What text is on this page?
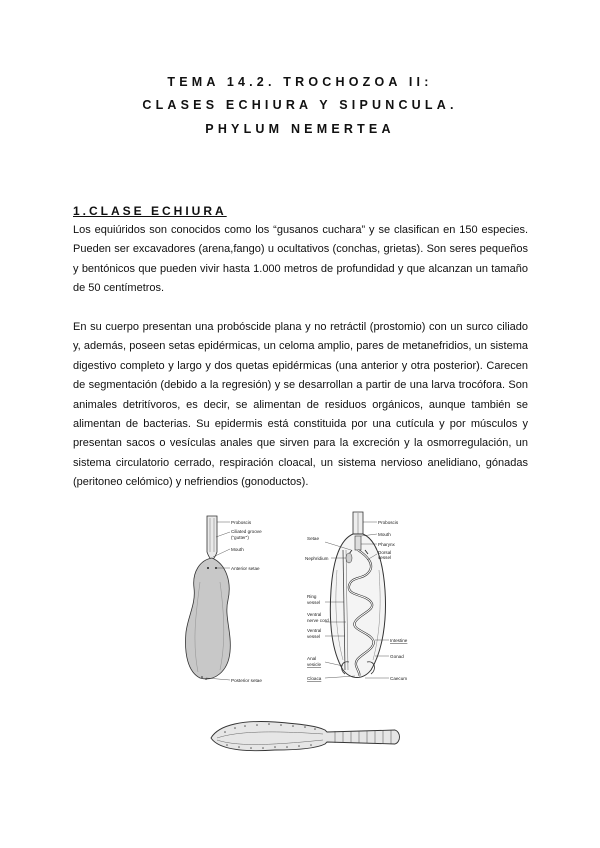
TEMA 14.2. TROCHOZOA II:
CLASES ECHIURA Y SIPUNCULA.
PHYLUM NEMERTEA
1.CLASE ECHIURA
Los equiúridos son conocidos como los “gusanos cuchara” y se clasifican en 150 especies. Pueden ser excavadores (arena,fango) u ocultativos (conchas, grietas). Son seres pequeños y bentónicos que pueden vivir hasta 1.000 metros de profundidad y que alcanzan un tamaño de 50 centímetros.
En su cuerpo presentan una probóscide plana y no retráctil (prostomio) con un surco ciliado y, además, poseen setas epidérmicas, un celoma amplio, pares de metanefridios, un sistema digestivo completo y largo y dos quetas epidérmicas (una anterior y otra posterior). Carecen de segmentación (debido a la regresión) y se desarrollan a partir de una larva trocófora. Son animales detritívoros, es decir, se alimentan de residuos orgánicos, aunque también se alimentan de bacterias. Su epidermis está constituida por una cutícula y por músculos y presentan sacos o vesículas anales que sirven para la excreción y la osmorregulación, un sistema circulatorio cerrado, respiración cloacal, un sistema nervioso anelidiano, gónadas (peritoneo celómico) y nefriendios (gonoductos).
Proboscis
Ciliated groove
(“gutter”)
Mouth
Anterior setae
Posterior setae
Proboscis
Mouth
Setae
Pharynx
Dorsal
vessel
Nephridium
Ring
vessel
Ventral
nerve cord
Ventral
vessel
Intestine
Gonad
Anal
vesicle
Cloaca	Caecum
